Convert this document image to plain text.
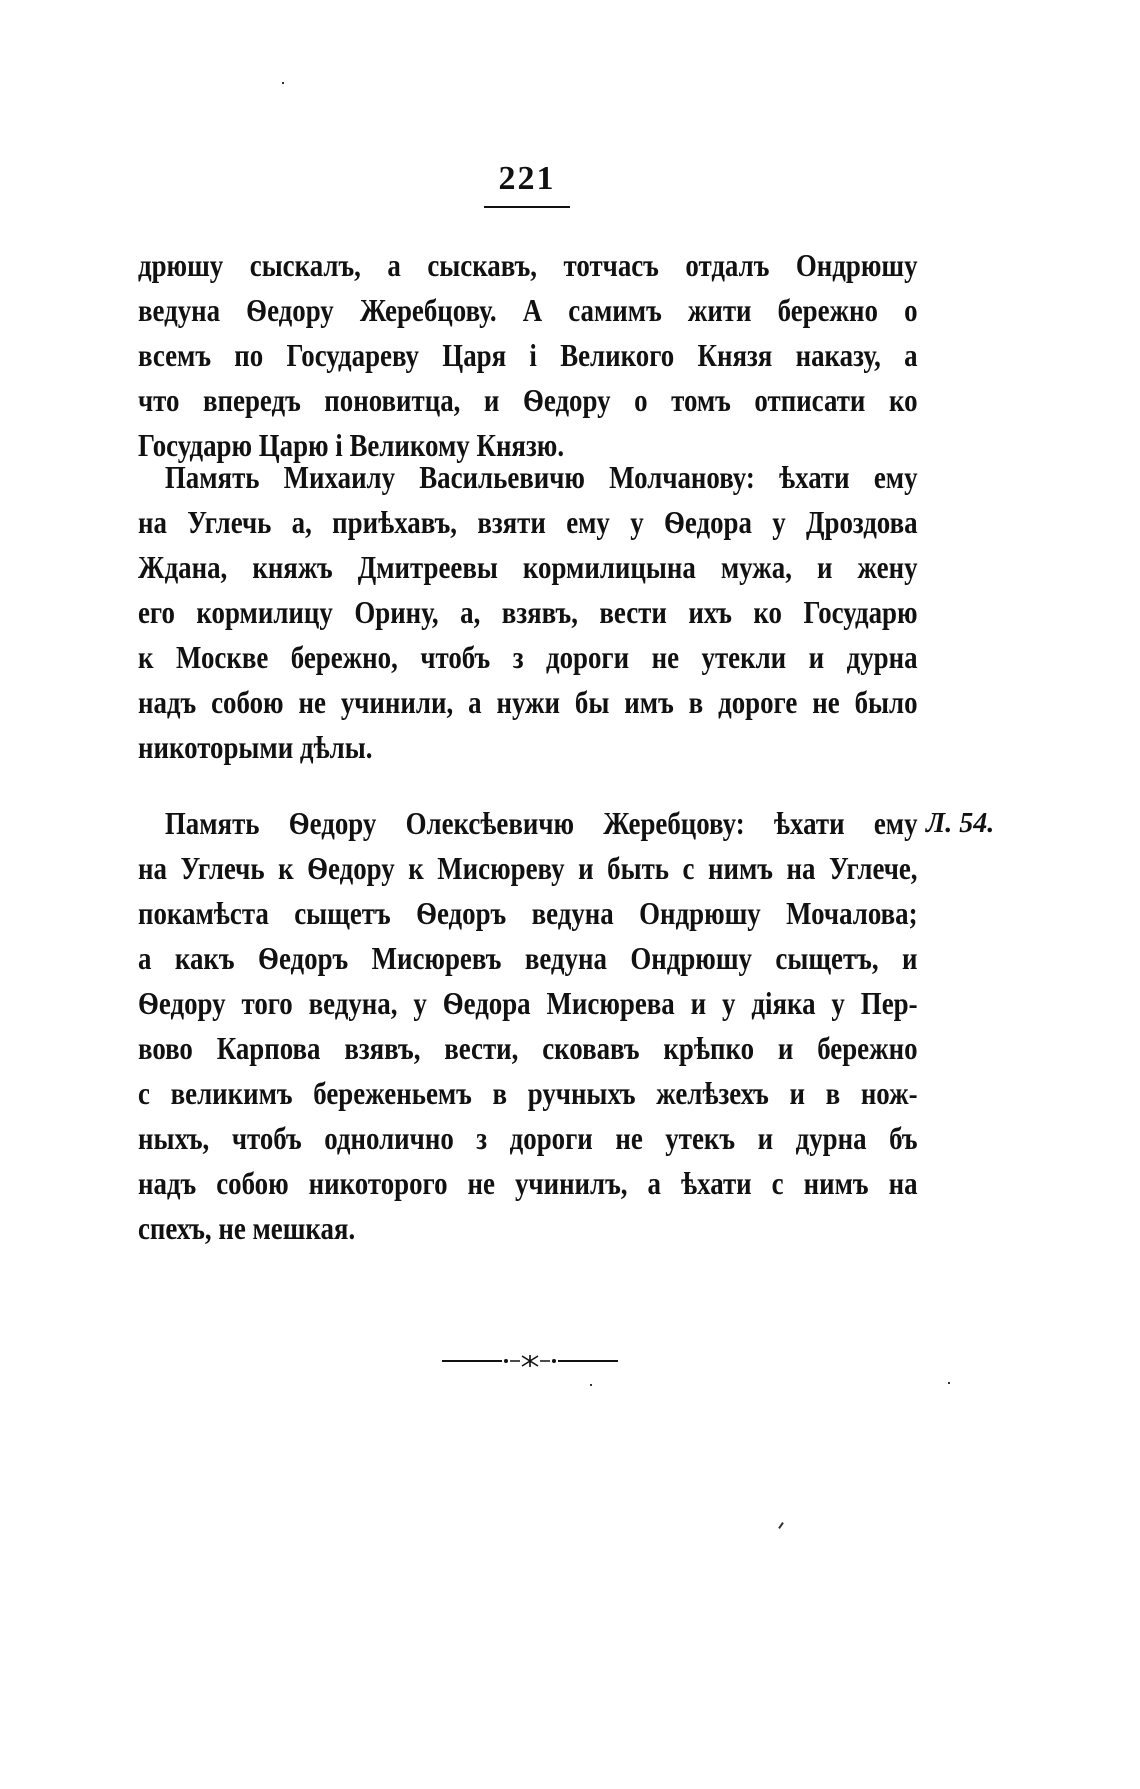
221
дрюшу сыскалъ, а сыскавъ, тотчасъ отдалъ Ондрюшу
ведуна Ѳедору Жеребцову. А самимъ жити бережно о
всемъ по Государеву Царя і Великого Князя наказу, а
что впередъ поновитца, и Ѳедору о томъ отписати ко
Государю Царю і Великому Князю.
Память Михаилу Васильевичю Молчанову: ѣхати ему
на Углечь а, приѣхавъ, взяти ему у Ѳедора у Дроздова
Ждана, княжъ Дмитреевы кормилицына мужа, и жену
его кормилицу Орину, а, взявъ, вести ихъ ко Государю
к Москве бережно, чтобъ з дороги не утекли и дурна
надъ собою не учинили, а нужи бы имъ в дороге не было
никоторыми дѣлы.
Память Ѳедору Олексѣевичю Жеребцову: ѣхати ему
на Углечь к Ѳедору к Мисюреву и быть с нимъ на Углече,
покамѣста сыщетъ Ѳедоръ ведуна Ондрюшу Мочалова;
а какъ Ѳедоръ Мисюревъ ведуна Ондрюшу сыщетъ, и
Ѳедору того ведуна, у Ѳедора Мисюрева и у діяка у Пер-
вово Карпова взявъ, вести, сковавъ крѣпко и бережно
с великимъ береженьемъ в ручныхъ желѣзехъ и в нож-
ныхъ, чтобъ одноличнo з дороги не утекъ и дурна бъ
надъ собою никоторого не учинилъ, а ѣхати с нимъ на
спехъ, не мешкая.
Л. 54.
